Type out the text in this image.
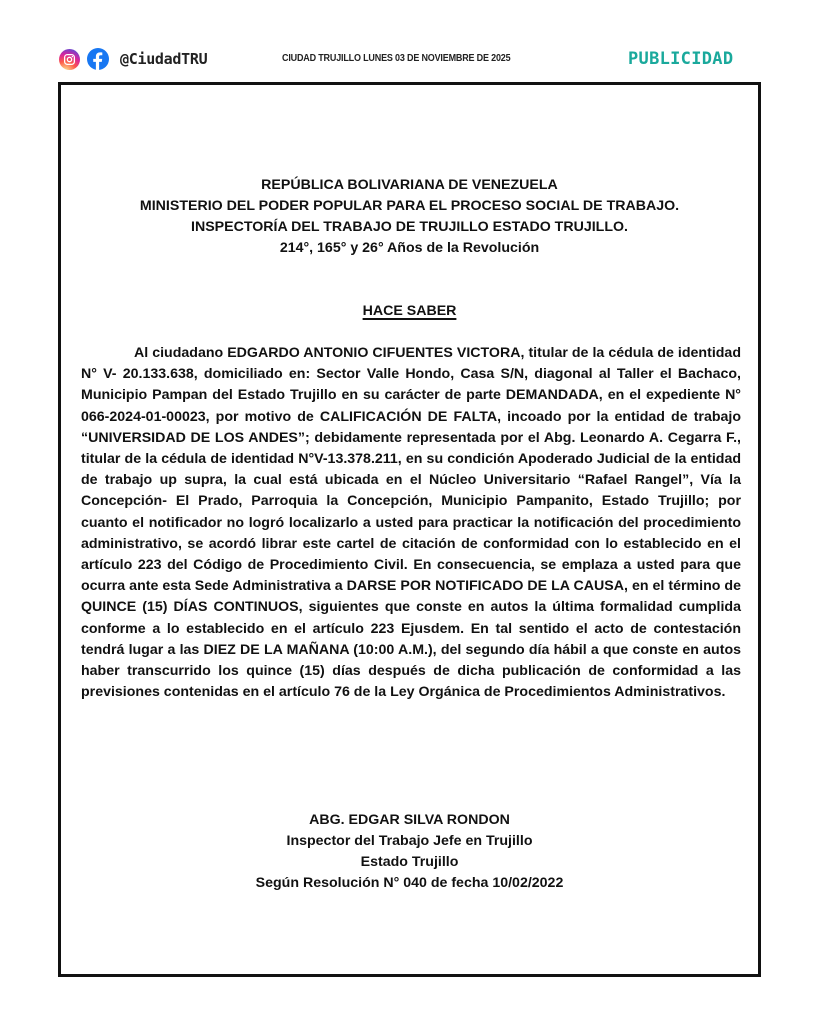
@CiudadTRU	CIUDAD TRUJILLO LUNES 03 DE NOVIEMBRE DE 2025	PUBLICIDAD
REPÚBLICA BOLIVARIANA DE VENEZUELA
MINISTERIO DEL PODER POPULAR PARA EL PROCESO SOCIAL DE TRABAJO.
INSPECTORÍA DEL TRABAJO DE TRUJILLO ESTADO TRUJILLO.
214°, 165° y 26° Años de la Revolución
HACE SABER

Al ciudadano EDGARDO ANTONIO CIFUENTES VICTORA, titular de la cédula de identidad N° V- 20.133.638, domiciliado en: Sector Valle Hondo, Casa S/N, diagonal al Taller el Bachaco, Municipio Pampan del Estado Trujillo en su carácter de parte DEMANDADA, en el expediente N° 066-2024-01-00023, por motivo de CALIFICACIÓN DE FALTA, incoado por la entidad de trabajo “UNIVERSIDAD DE LOS ANDES”; debidamente representada por el Abg. Leonardo A. Cegarra F., titular de la cédula de identidad N°V-13.378.211, en su condición Apoderado Judicial de la entidad de trabajo up supra, la cual está ubicada en el Núcleo Universitario “Rafael Rangel”, Vía la Concepción- El Prado, Parroquia la Concepción, Municipio Pampanito, Estado Trujillo; por cuanto el notificador no logró localizarlo a usted para practicar la notificación del procedimiento administrativo, se acordó librar este cartel de citación de conformidad con lo establecido en el artículo 223 del Código de Procedimiento Civil. En consecuencia, se emplaza a usted para que ocurra ante esta Sede Administrativa a DARSE POR NOTIFICADO DE LA CAUSA, en el término de QUINCE (15) DÍAS CONTINUOS, siguientes que conste en autos la última formalidad cumplida conforme a lo establecido en el artículo 223 Ejusdem. En tal sentido el acto de contestación tendrá lugar a las DIEZ DE LA MAÑANA (10:00 A.M.), del segundo día hábil a que conste en autos haber transcurrido los quince (15) días después de dicha publicación de conformidad a las previsiones contenidas en el artículo 76 de la Ley Orgánica de Procedimientos Administrativos.

ABG. EDGAR SILVA RONDON
Inspector del Trabajo Jefe en Trujillo
Estado Trujillo
Según Resolución N° 040 de fecha 10/02/2022
